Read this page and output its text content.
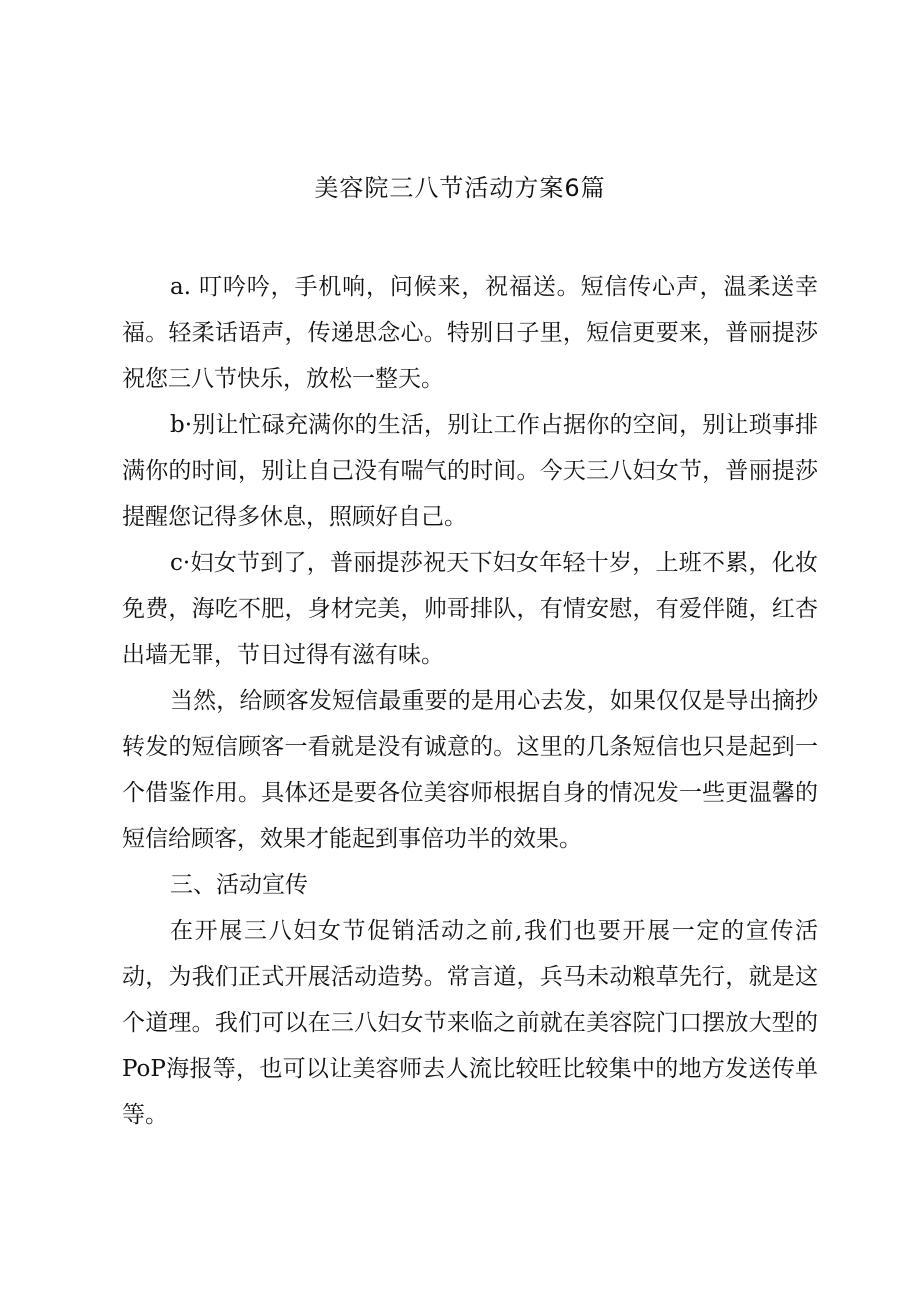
美容院三八节活动方案6篇

a. 叮吟吟，手机响，问候来，祝福送。短信传心声，温柔送幸福。轻柔话语声，传递思念心。特别日子里，短信更要来，普丽提莎祝您三八节快乐，放松一整天。

b·别让忙碌充满你的生活，别让工作占据你的空间，别让琐事排满你的时间，别让自己没有喘气的时间。今天三八妇女节，普丽提莎提醒您记得多休息，照顾好自己。

c·妇女节到了，普丽提莎祝天下妇女年轻十岁，上班不累，化妆免费，海吃不肥，身材完美，帅哥排队，有情安慰，有爱伴随，红杏出墙无罪，节日过得有滋有味。

当然，给顾客发短信最重要的是用心去发，如果仅仅是导出摘抄转发的短信顾客一看就是没有诚意的。这里的几条短信也只是起到一个借鉴作用。具体还是要各位美容师根据自身的情况发一些更温馨的短信给顾客，效果才能起到事倍功半的效果。

三、活动宣传

在开展三八妇女节促销活动之前,我们也要开展一定的宣传活动，为我们正式开展活动造势。常言道，兵马未动粮草先行，就是这个道理。我们可以在三八妇女节来临之前就在美容院门口摆放大型的PoP海报等，也可以让美容师去人流比较旺比较集中的地方发送传单等。
